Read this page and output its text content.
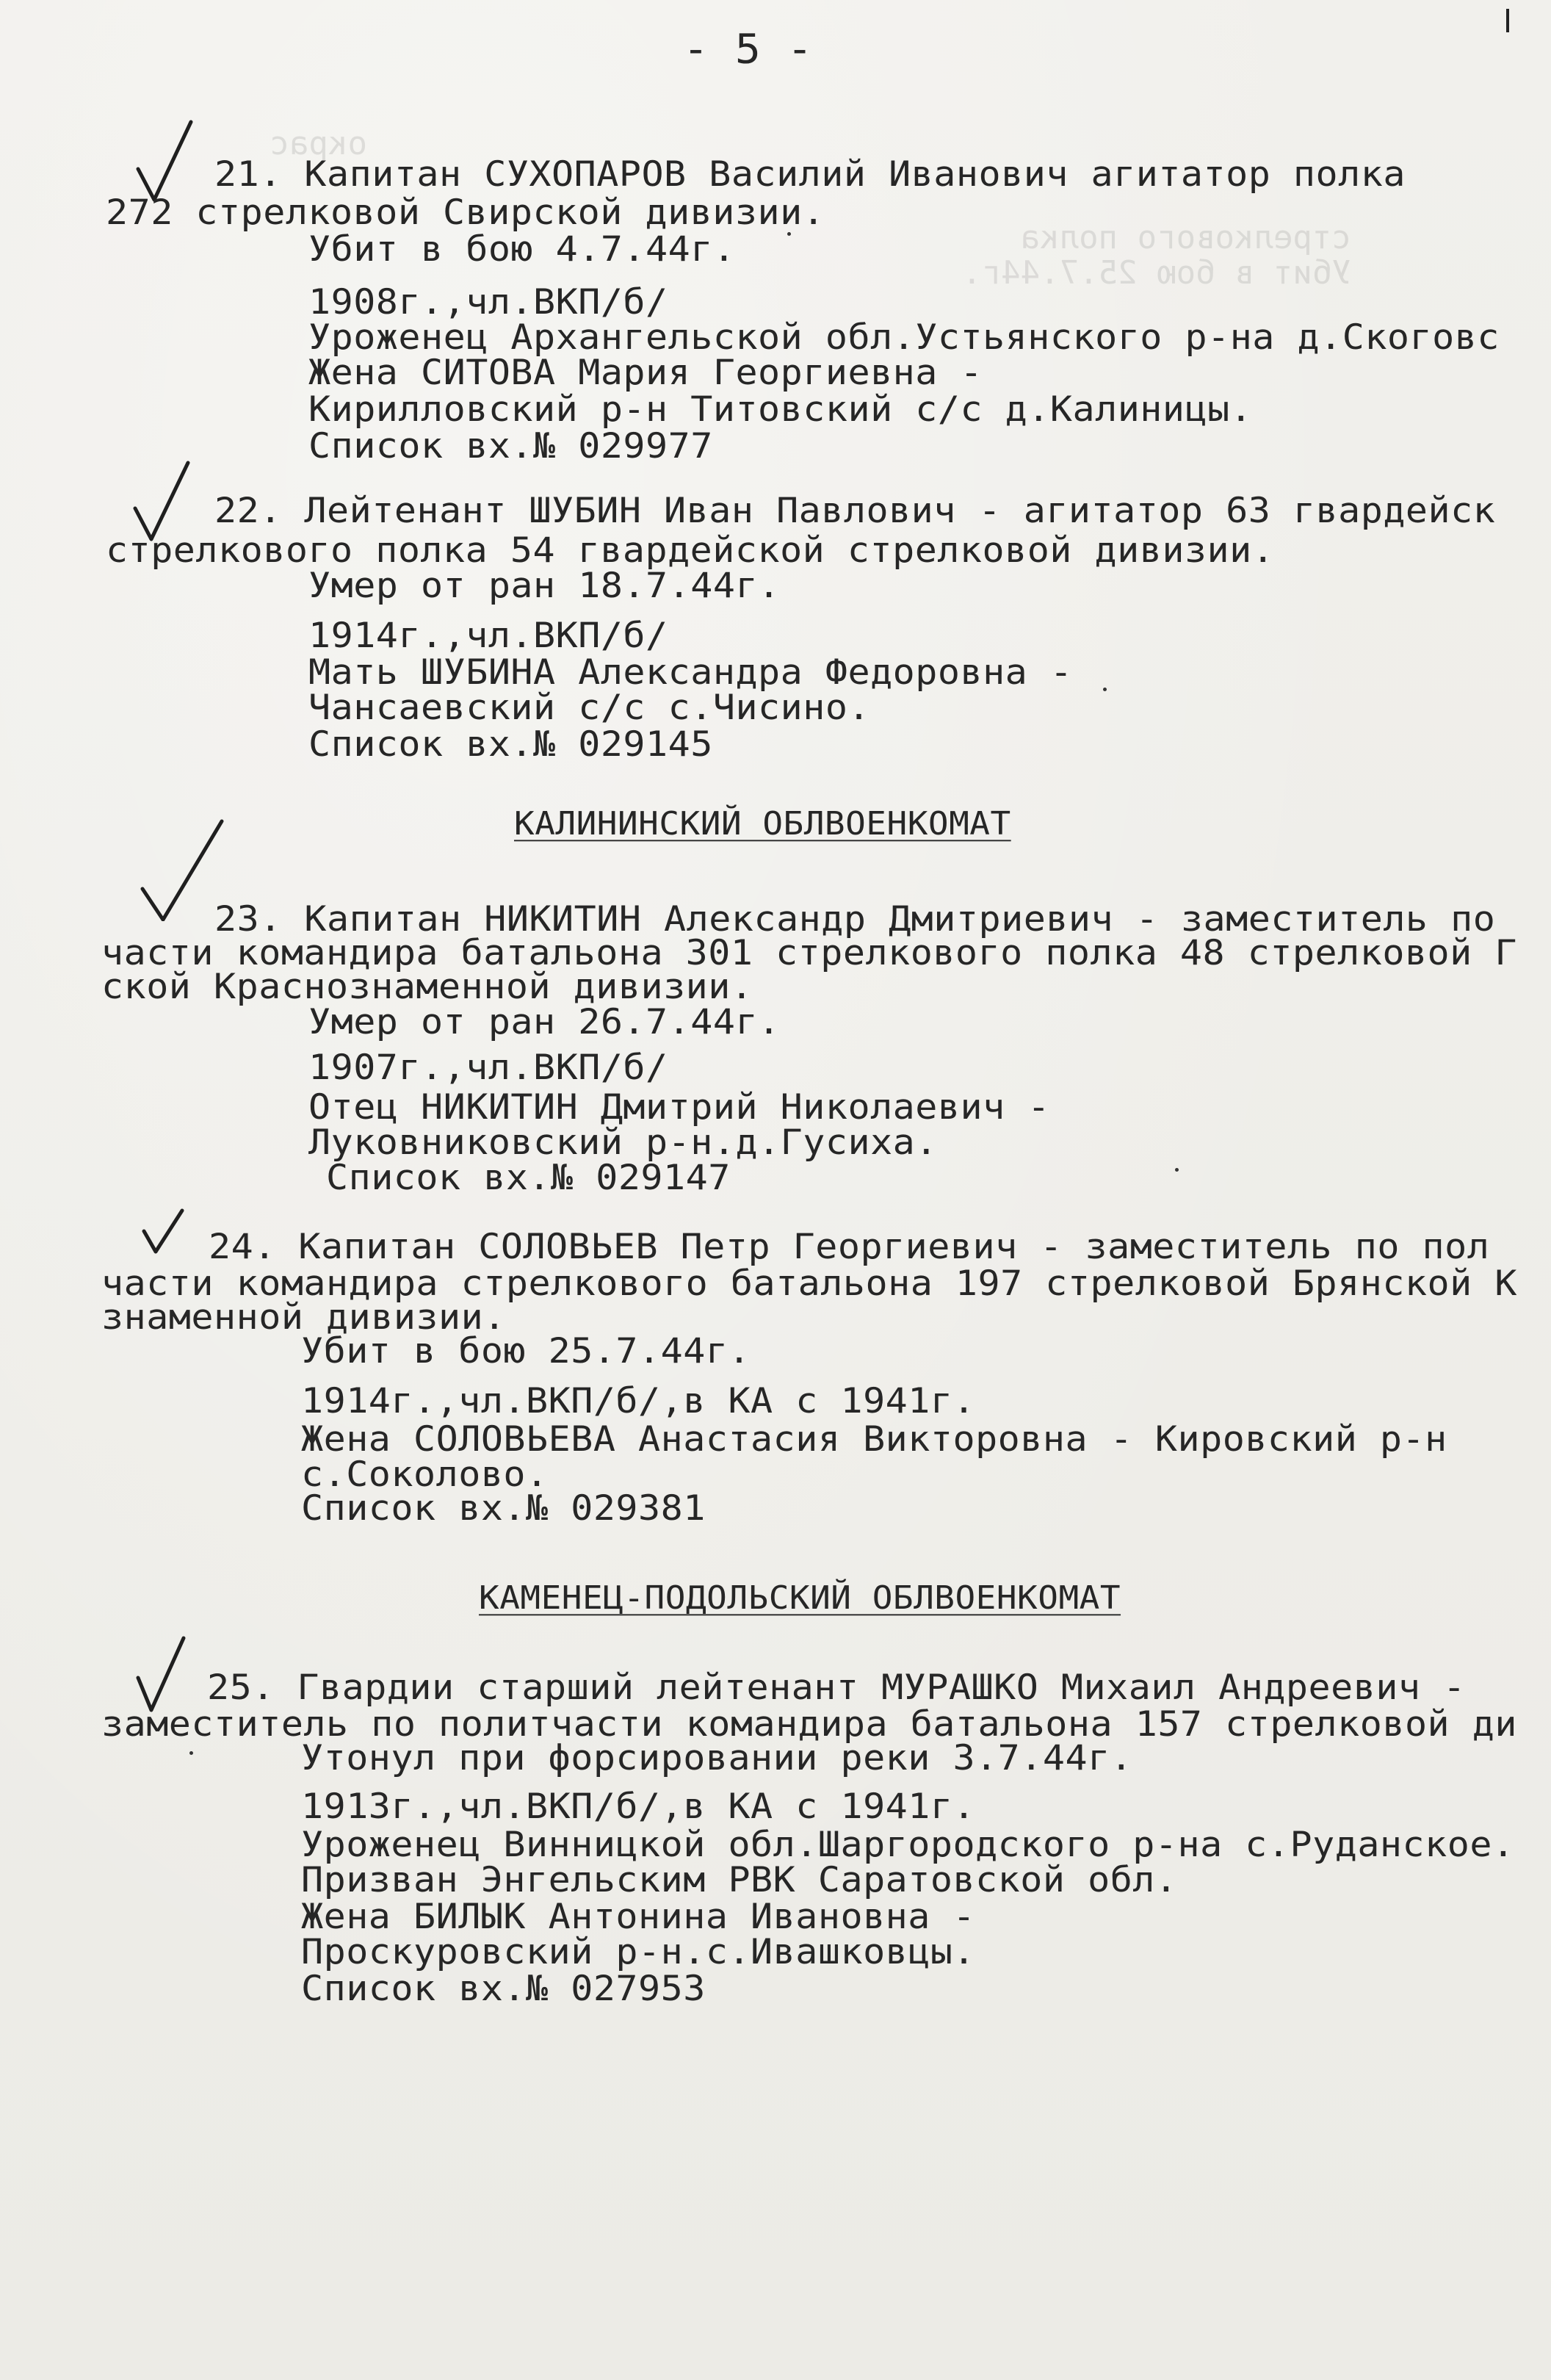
окрас
стрелкового полка
Убит в бою 25.7.44г.
- 5 -
21. Капитан СУХОПАРОВ Василий Иванович агитатор полка
272 стрелковой Свирской дивизии.
Убит в бою 4.7.44г.
1908г.,чл.ВКП/б/
Уроженец Архангельской обл.Устьянского р-на д.Скоговс
Жена СИТОВА Мария Георгиевна -
Кирилловский р-н Титовский с/с д.Калиницы.
Список вх.№ 029977
22. Лейтенант ШУБИН Иван Павлович - агитатор 63 гвардейск
стрелкового полка 54 гвардейской стрелковой дивизии.
Умер от ран 18.7.44г.
1914г.,чл.ВКП/б/
Мать ШУБИНА Александра Федоровна -
Чансаевский с/с с.Чисино.
Список вх.№ 029145
КАЛИНИНСКИЙ ОБЛВОЕНКОМАТ
23. Капитан НИКИТИН Александр Дмитриевич - заместитель по
части командира батальона 301 стрелкового полка 48 стрелковой Г
ской Краснознаменной дивизии.
Умер от ран 26.7.44г.
1907г.,чл.ВКП/б/
Отец НИКИТИН Дмитрий Николаевич -
Луковниковский р-н.д.Гусиха.
Список вх.№ 029147
24. Капитан СОЛОВЬЕВ Петр Георгиевич - заместитель по пол
части командира стрелкового батальона 197 стрелковой Брянской К
знаменной дивизии.
Убит в бою 25.7.44г.
1914г.,чл.ВКП/б/,в КА с 1941г.
Жена СОЛОВЬЕВА Анастасия Викторовна - Кировский р-н
с.Соколово.
Список вх.№ 029381
КАМЕНЕЦ-ПОДОЛЬСКИЙ ОБЛВОЕНКОМАТ
25. Гвардии старший лейтенант МУРАШКО Михаил Андреевич -
заместитель по политчасти командира батальона 157 стрелковой ди
Утонул при форсировании реки 3.7.44г.
1913г.,чл.ВКП/б/,в КА с 1941г.
Уроженец Винницкой обл.Шаргородского р-на с.Руданское.
Призван Энгельским РВК Саратовской обл.
Жена БИЛЫК Антонина Ивановна -
Проскуровский р-н.с.Ивашковцы.
Список вх.№ 027953
